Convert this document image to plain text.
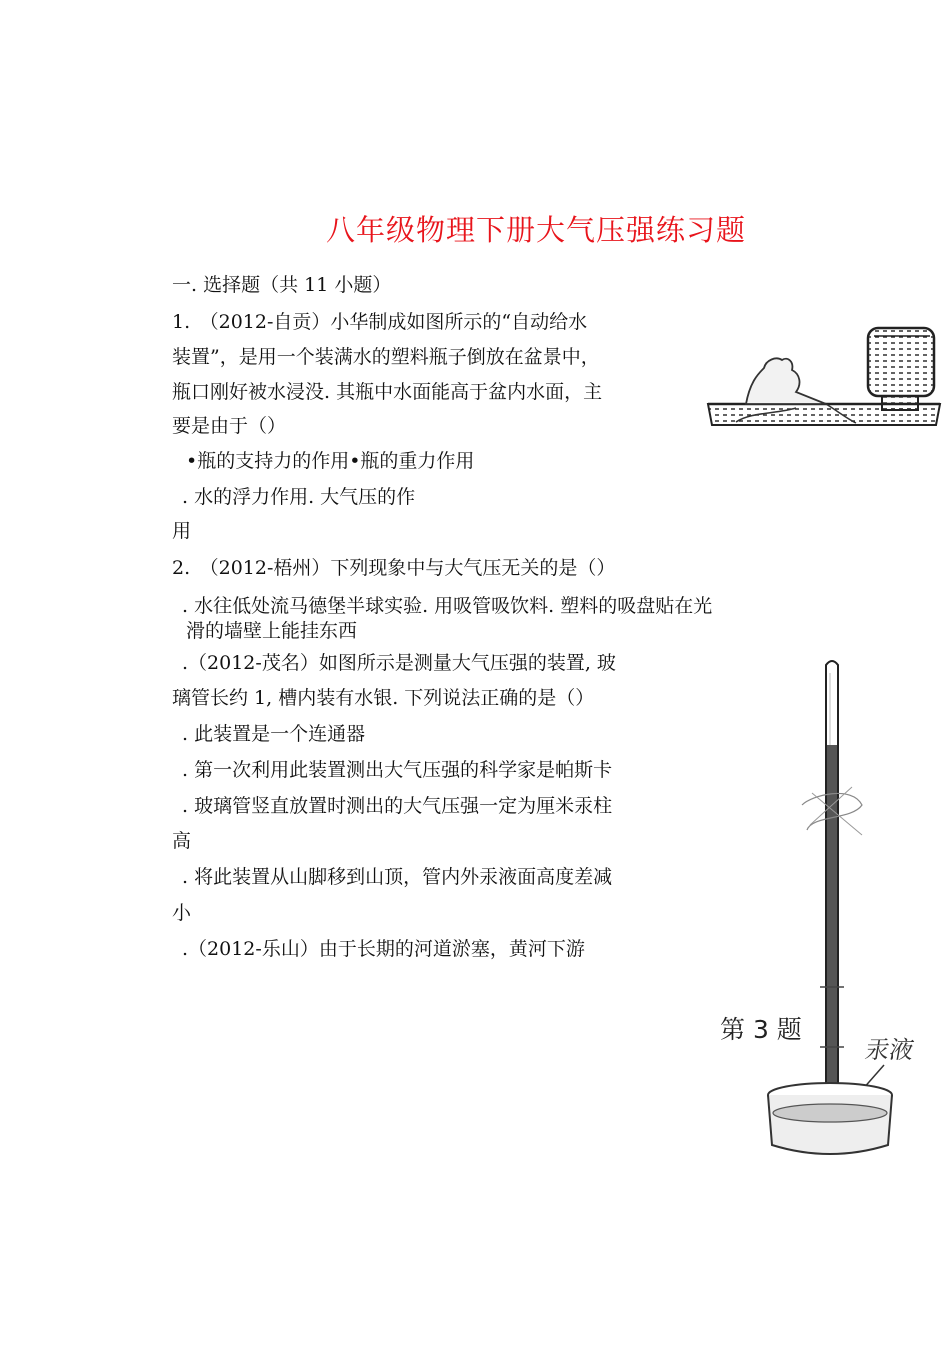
八年级物理下册大气压强练习题
一. 选择题（共 11 小题）
1.　（2012-自贡）小华制成如图所示的“自动给水
装置”，是用一个装满水的塑料瓶子倒放在盆景中，
瓶口刚好被水浸没. 其瓶中水面能高于盆内水面，主
要是由于（）
•瓶的支持力的作用•瓶的重力作用
. 水的浮力作用. 大气压的作
用
2.　（2012-梧州）下列现象中与大气压无关的是（）
. 水往低处流马德堡半球实验. 用吸管吸饮料. 塑料的吸盘贴在光
滑的墙壁上能挂东西
.（2012-茂名）如图所示是测量大气压强的装置, 玻
璃管长约 1, 槽内装有水银. 下列说法正确的是（）
. 此装置是一个连通器
. 第一次利用此装置测出大气压强的科学家是帕斯卡
. 玻璃管竖直放置时测出的大气压强一定为厘米汞柱
高
. 将此装置从山脚移到山顶，管内外汞液面高度差减
小
.（2012-乐山）由于长期的河道淤塞，黄河下游
第 3 题
汞液
